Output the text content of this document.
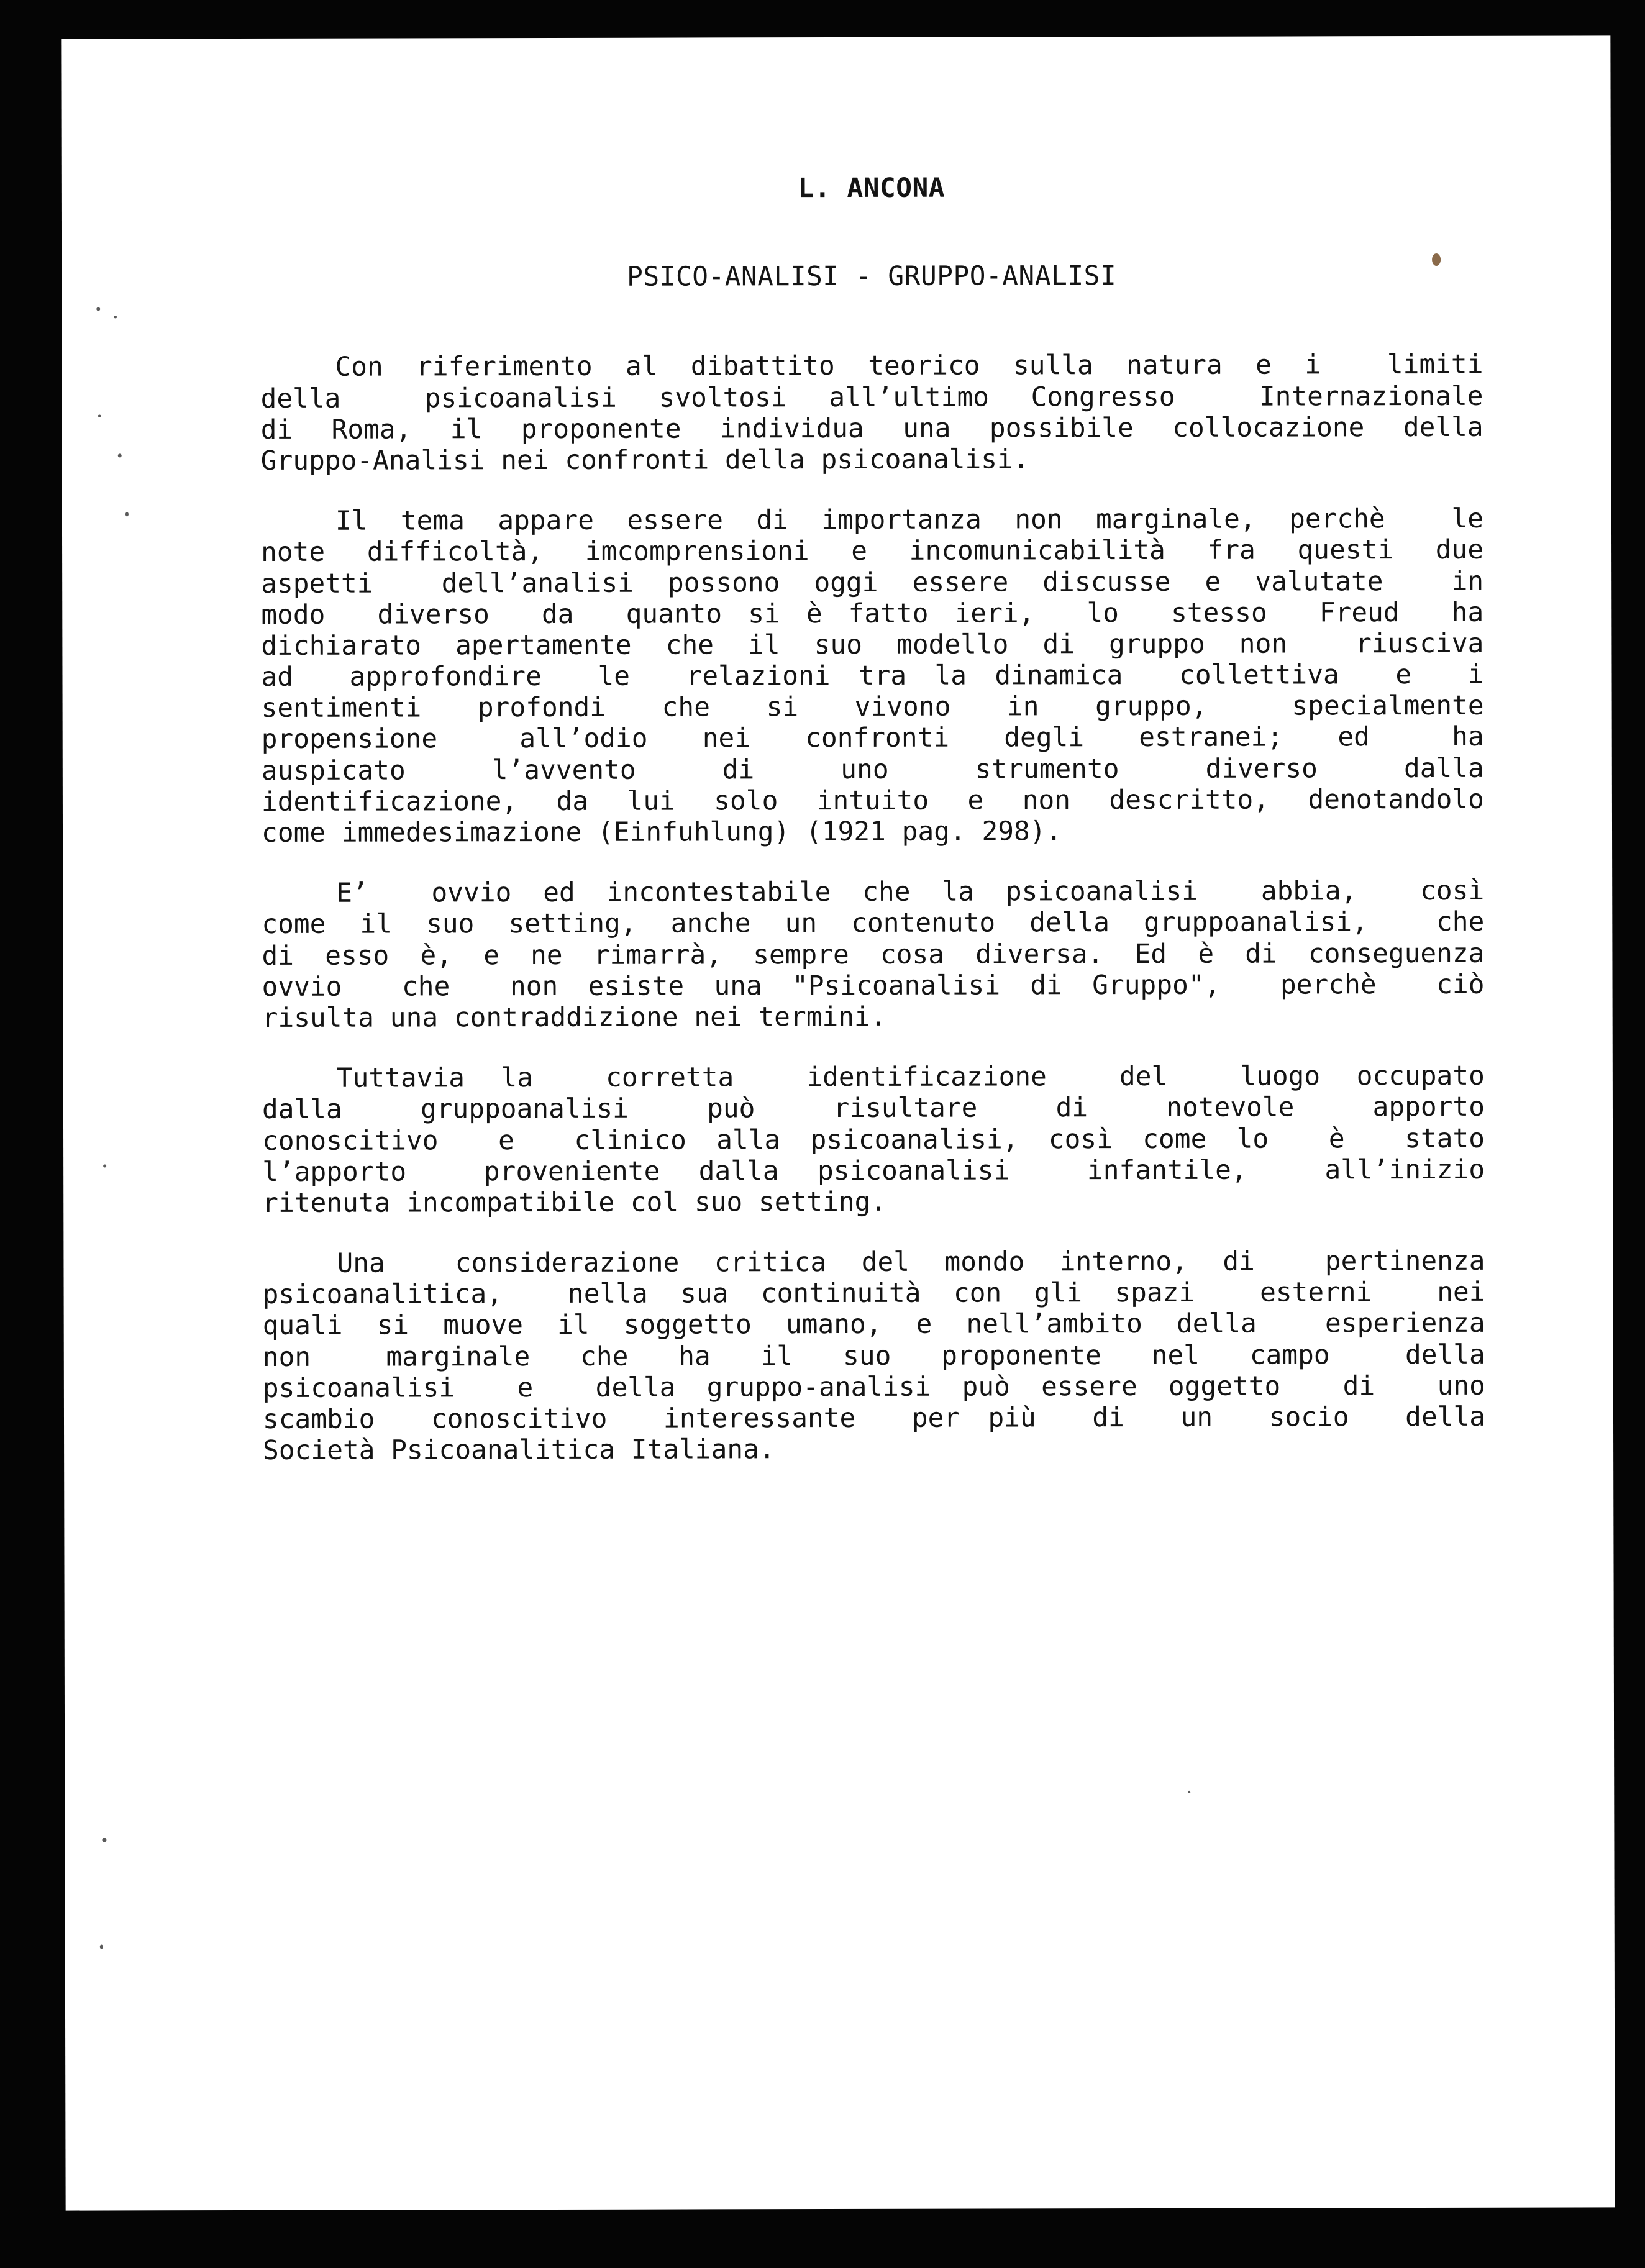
L. ANCONA
PSICO-ANALISI - GRUPPO-ANALISI
Con riferimento al dibattito teorico sulla natura e i  limiti
della  psicoanalisi svoltosi all’ultimo Congresso  Internazionale
di Roma, il proponente individua una possibile collocazione della
Gruppo-Analisi nei confronti della psicoanalisi.
Il tema appare essere di importanza non marginale, perchè  le
note difficoltà, imcomprensioni e incomunicabilità fra questi due
aspetti  dell’analisi possono oggi essere discusse e valutate  in
modo  diverso  da  quanto si è fatto ieri,  lo  stesso  Freud  ha
dichiarato apertamente che il suo modello di gruppo non  riusciva
ad  approfondire  le  relazioni tra la dinamica  collettiva  e  i
sentimenti  profondi  che  si  vivono  in  gruppo,   specialmente
propensione   all’odio  nei  confronti  degli  estranei;  ed   ha
auspicato    l’avvento    di    uno    strumento    diverso    dalla
identificazione, da lui solo intuito e non descritto, denotandolo
come immedesimazione (Einfuhlung) (1921 pag. 298).
E’  ovvio ed incontestabile che la psicoanalisi  abbia,  così
come il suo setting, anche un contenuto della gruppoanalisi,  che
di esso è, e ne rimarrà, sempre cosa diversa. Ed è di conseguenza
ovvio  che  non esiste una "Psicoanalisi di Gruppo",  perchè  ciò
risulta una contraddizione nei termini.
Tuttavia la  corretta  identificazione  del  luogo occupato
dalla   gruppoanalisi   può   risultare   di   notevole   apporto
conoscitivo  e  clinico alla psicoanalisi, così come lo  è  stato
l’apporto  proveniente dalla psicoanalisi  infantile,  all’inizio
ritenuta incompatibile col suo setting.
Una  considerazione critica del mondo interno, di  pertinenza
psicoanalitica,  nella sua continuità con gli spazi  esterni  nei
quali si muove il soggetto umano, e nell’ambito della  esperienza
non   marginale  che  ha  il  suo  proponente  nel  campo   della
psicoanalisi  e  della gruppo-analisi può essere oggetto  di  uno
scambio  conoscitivo  interessante  per più  di  un  socio  della
Società Psicoanalitica Italiana.
